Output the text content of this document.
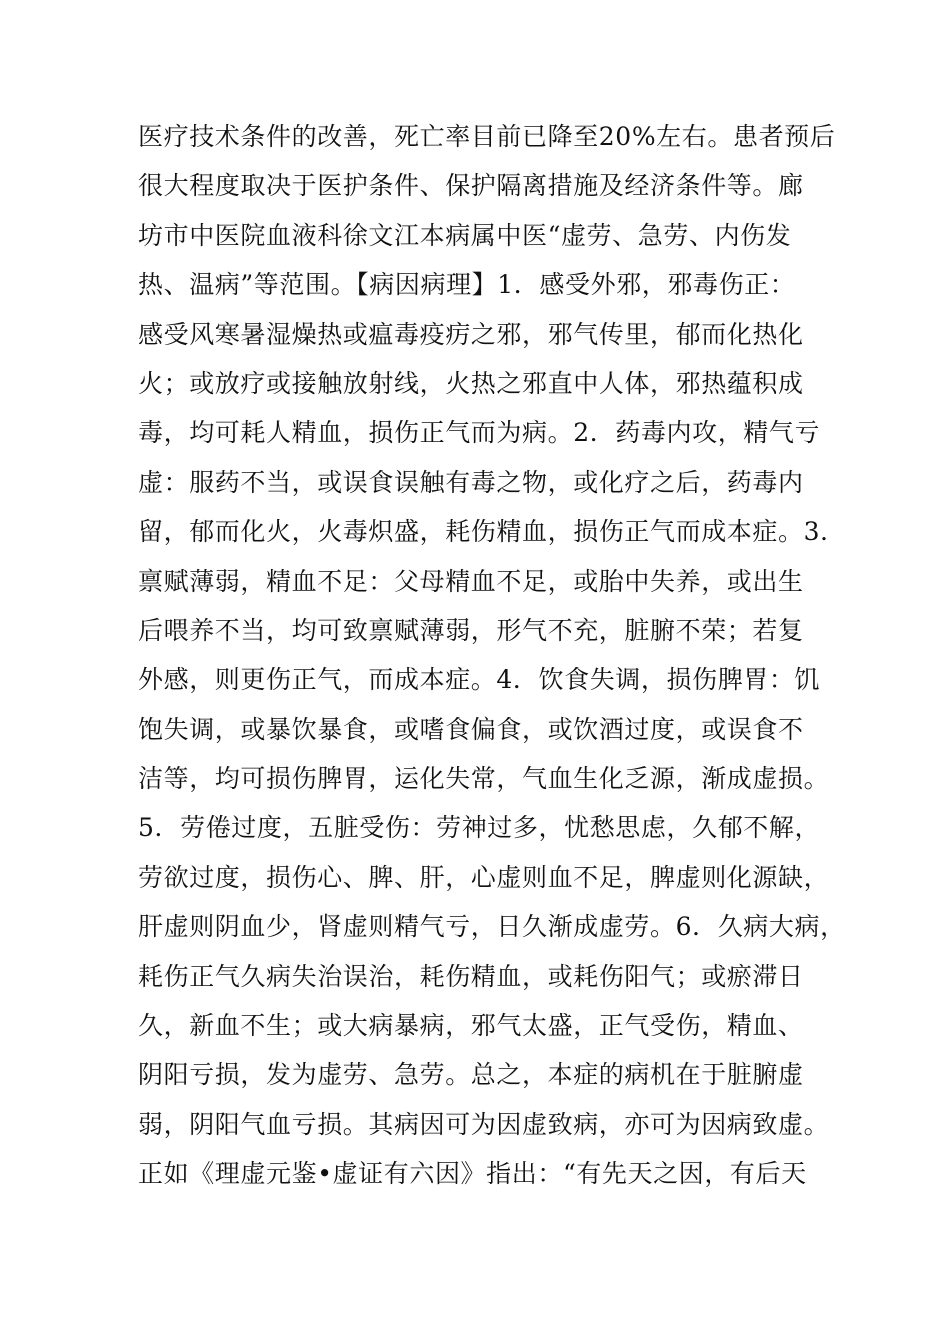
医疗技术条件的改善，死亡率目前已降至20%左右。患者预后
很大程度取决于医护条件、保护隔离措施及经济条件等。廊
坊市中医院血液科徐文江本病属中医“虚劳、急劳、内伤发
热、温病”等范围。【病因病理】1．感受外邪，邪毒伤正：
感受风寒暑湿燥热或瘟毒疫疠之邪，邪气传里，郁而化热化
火；或放疗或接触放射线，火热之邪直中人体，邪热蕴积成
毒，均可耗人精血，损伤正气而为病。2．药毒内攻，精气亏
虚：服药不当，或误食误触有毒之物，或化疗之后，药毒内
留，郁而化火，火毒炽盛，耗伤精血，损伤正气而成本症。3．
禀赋薄弱，精血不足：父母精血不足，或胎中失养，或出生
后喂养不当，均可致禀赋薄弱，形气不充，脏腑不荣；若复
外感，则更伤正气，而成本症。4．饮食失调，损伤脾胃：饥
饱失调，或暴饮暴食，或嗜食偏食，或饮酒过度，或误食不
洁等，均可损伤脾胃，运化失常，气血生化乏源，渐成虚损。
5．劳倦过度，五脏受伤：劳神过多，忧愁思虑，久郁不解，
劳欲过度，损伤心、脾、肝，心虚则血不足，脾虚则化源缺，
肝虚则阴血少，肾虚则精气亏，日久渐成虚劳。6．久病大病，
耗伤正气久病失治误治，耗伤精血，或耗伤阳气；或瘀滞日
久，新血不生；或大病暴病，邪气太盛，正气受伤，精血、
阴阳亏损，发为虚劳、急劳。总之，本症的病机在于脏腑虚
弱，阴阳气血亏损。其病因可为因虚致病，亦可为因病致虚。
正如《理虚元鉴•虚证有六因》指出：“有先天之因，有后天
